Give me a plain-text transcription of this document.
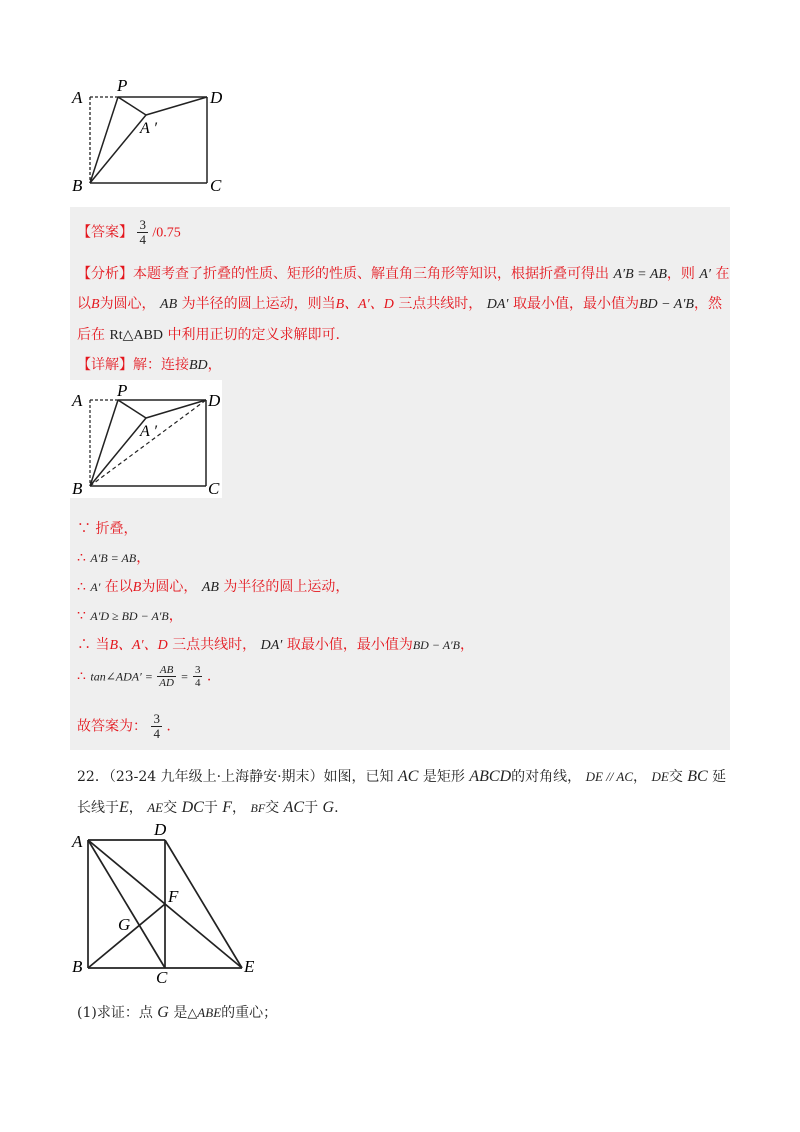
A
P
D
A ′
B	C
【答案】 $\frac{3}{4} /0.75$
【分析】本题考查了折叠的性质、矩形的性质、解直角三角形等知识，根据折叠可得出 A′B = AB，则 A′ 在
以B为圆心， AB 为半径的圆上运动，则当B、A′、D 三点共线时， DA′ 取最小值，最小值为BD − A′B，然
后在 Rt△ABD 中利用正切的定义求解即可.
【详解】解：连接BD，
A
P
D
A ′
B	C
∵ 折叠，
∴ A′B = AB，
∴ A′ 在以B为圆心， AB 为半径的圆上运动，
∵ A′D ≥ BD − A′B，
∴ 当B、A′、D 三点共线时， DA′ 取最小值，最小值为BD − A′B，
∴ tan∠ADA′ = $\frac{AB}{AD} = \frac{3}{4}$ .
故答案为： $\frac{3}{4}$ .
22．（23-24 九年级上·上海静安·期末）如图，已知 AC 是矩形 ABCD的对角线， DE // AC， DE交 BC 延
长线于E， AE交 DC于 F， BF交 AC于 G.
A
D
F
G
B
C
E
(1)求证：点 G 是△ABE的重心；
